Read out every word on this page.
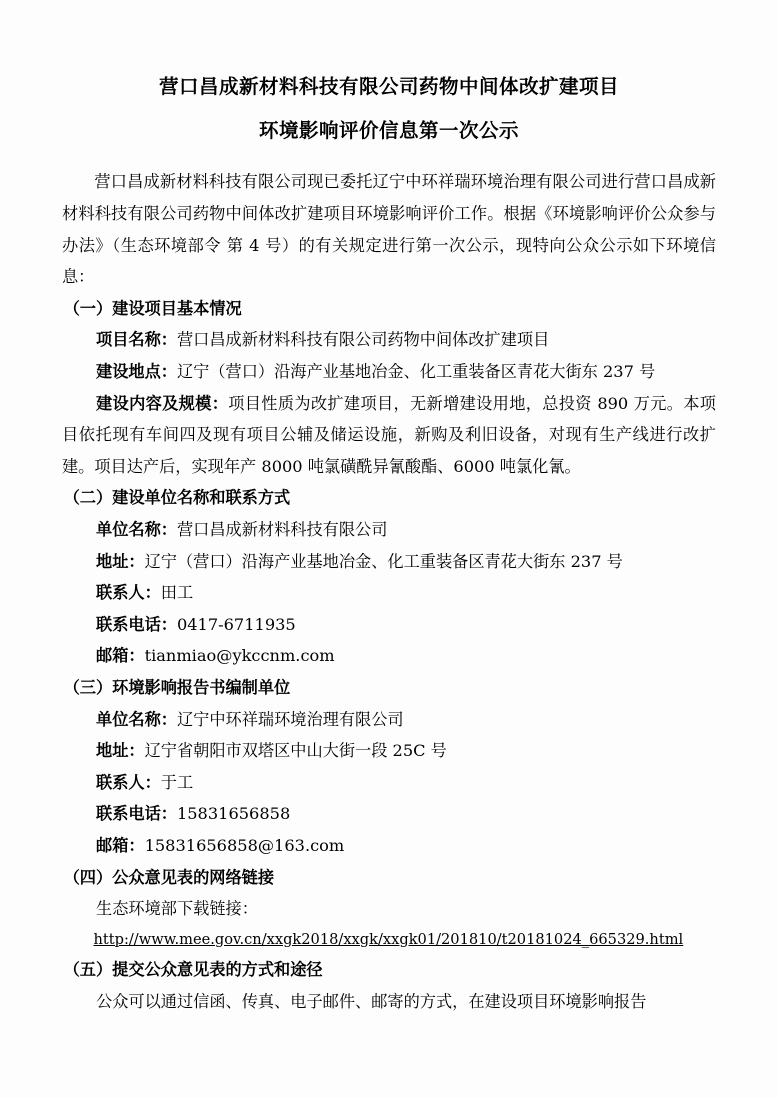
营口昌成新材料科技有限公司药物中间体改扩建项目
环境影响评价信息第一次公示

营口昌成新材料科技有限公司现已委托辽宁中环祥瑞环境治理有限公司进行营口昌成新材料科技有限公司药物中间体改扩建项目环境影响评价工作。根据《环境影响评价公众参与办法》（生态环境部令 第 4 号）的有关规定进行第一次公示，现特向公众公示如下环境信息：

（一）建设项目基本情况

项目名称：营口昌成新材料科技有限公司药物中间体改扩建项目

建设地点：辽宁（营口）沿海产业基地冶金、化工重装备区青花大街东 237 号

建设内容及规模：项目性质为改扩建项目，无新增建设用地，总投资 890 万元。本项目依托现有车间四及现有项目公辅及储运设施，新购及利旧设备，对现有生产线进行改扩建。项目达产后，实现年产 8000 吨氯磺酰异氰酸酯、6000 吨氯化氰。

（二）建设单位名称和联系方式

单位名称：营口昌成新材料科技有限公司

地址：辽宁（营口）沿海产业基地冶金、化工重装备区青花大街东 237 号

联系人：田工

联系电话：0417-6711935

邮箱：tianmiao@ykccnm.com

（三）环境影响报告书编制单位

单位名称：辽宁中环祥瑞环境治理有限公司

地址：辽宁省朝阳市双塔区中山大街一段 25C 号

联系人：于工

联系电话：15831656858

邮箱：15831656858@163.com

（四）公众意见表的网络链接

生态环境部下载链接：

http://www.mee.gov.cn/xxgk2018/xxgk/xxgk01/201810/t20181024_665329.html

（五）提交公众意见表的方式和途径

公众可以通过信函、传真、电子邮件、邮寄的方式，在建设项目环境影响报告
